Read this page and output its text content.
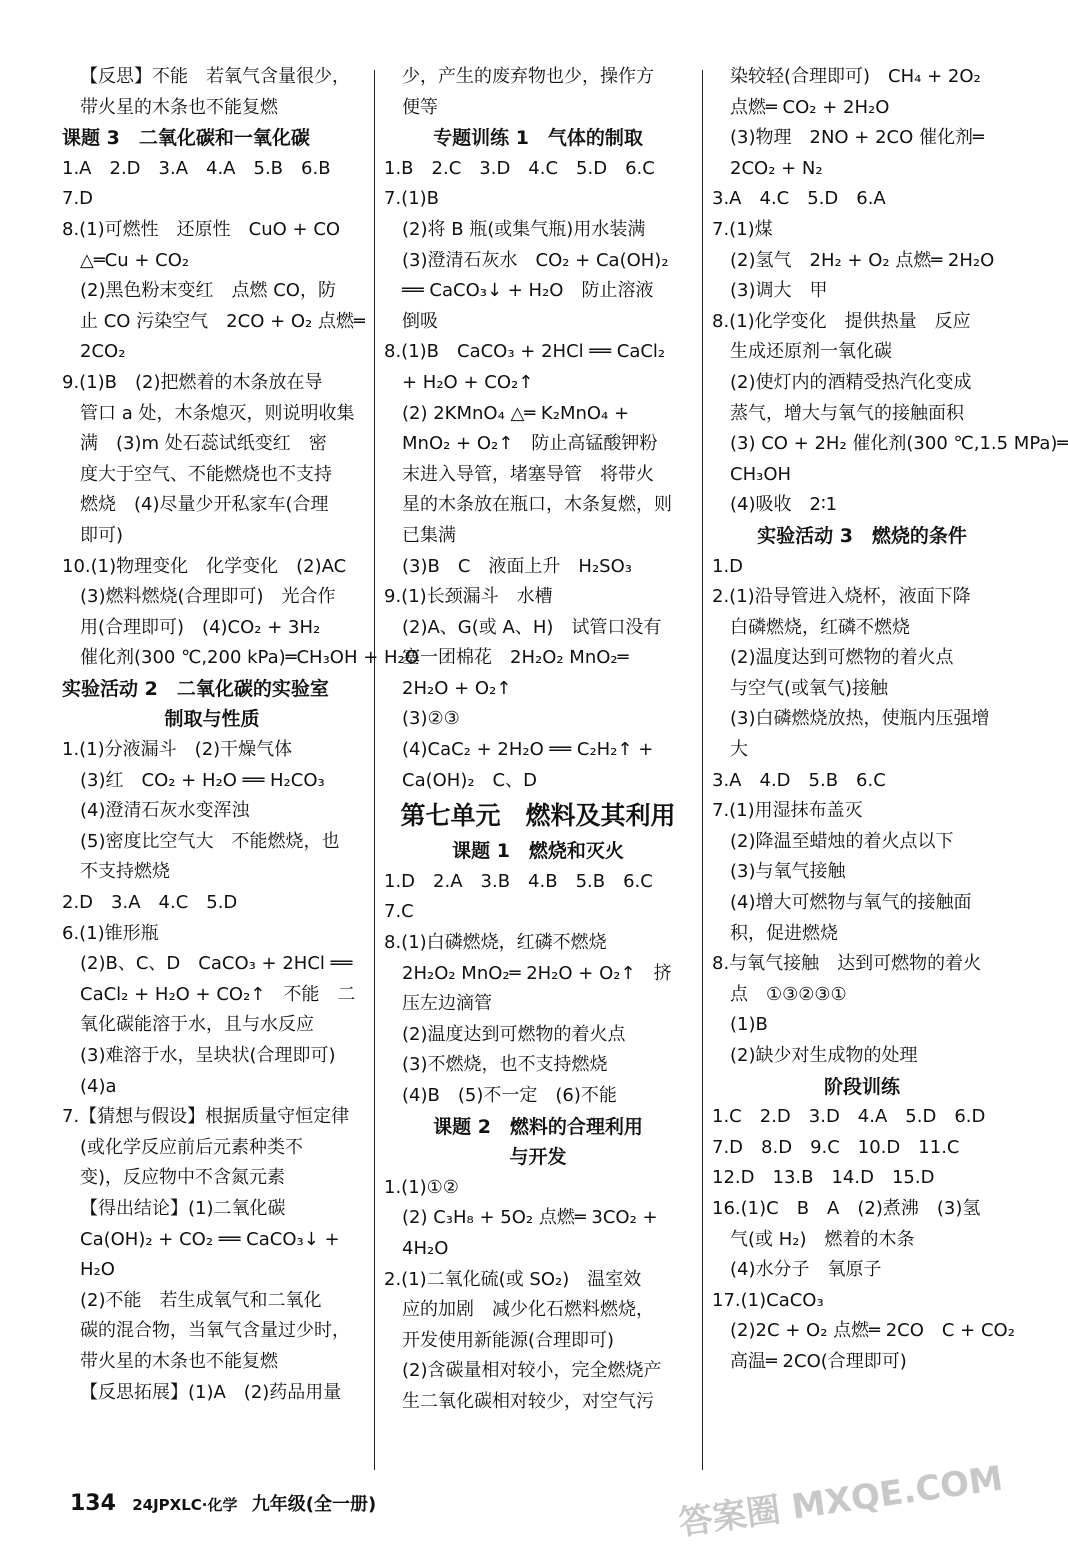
【反思】不能　若氧气含量很少，
带火星的木条也不能复燃
课题 3　二氧化碳和一氧化碳
1.A　2.D　3.A　4.A　5.B　6.B
7.D
8.(1)可燃性　还原性　CuO + CO
△═Cu + CO₂
(2)黑色粉末变红　点燃 CO，防
止 CO 污染空气　2CO + O₂ 点燃═
2CO₂
9.(1)B　(2)把燃着的木条放在导
管口 a 处，木条熄灭，则说明收集
满　(3)m 处石蕊试纸变红　密
度大于空气、不能燃烧也不支持
燃烧　(4)尽量少开私家车(合理
即可)
10.(1)物理变化　化学变化　(2)AC
(3)燃料燃烧(合理即可)　光合作
用(合理即可)　(4)CO₂ + 3H₂
催化剂(300 ℃,200 kPa)═CH₃OH + H₂O
实验活动 2　二氧化碳的实验室
制取与性质
1.(1)分液漏斗　(2)干燥气体
(3)红　CO₂ + H₂O ══ H₂CO₃
(4)澄清石灰水变浑浊
(5)密度比空气大　不能燃烧，也
不支持燃烧
2.D　3.A　4.C　5.D
6.(1)锥形瓶
(2)B、C、D　CaCO₃ + 2HCl ══
CaCl₂ + H₂O + CO₂↑　不能　二
氧化碳能溶于水，且与水反应
(3)难溶于水，呈块状(合理即可)
(4)a
7.【猜想与假设】根据质量守恒定律
(或化学反应前后元素种类不
变)，反应物中不含氮元素
【得出结论】(1)二氧化碳
Ca(OH)₂ + CO₂ ══ CaCO₃↓ +
H₂O
(2)不能　若生成氧气和二氧化
碳的混合物，当氧气含量过少时，
带火星的木条也不能复燃
【反思拓展】(1)A　(2)药品用量
少，产生的废弃物也少，操作方
便等
专题训练 1　气体的制取
1.B　2.C　3.D　4.C　5.D　6.C
7.(1)B
(2)将 B 瓶(或集气瓶)用水装满
(3)澄清石灰水　CO₂ + Ca(OH)₂
══ CaCO₃↓ + H₂O　防止溶液
倒吸
8.(1)B　CaCO₃ + 2HCl ══ CaCl₂
+ H₂O + CO₂↑
(2) 2KMnO₄ △═ K₂MnO₄ +
MnO₂ + O₂↑　防止高锰酸钾粉
末进入导管，堵塞导管　将带火
星的木条放在瓶口，木条复燃，则
已集满
(3)B　C　液面上升　H₂SO₃
9.(1)长颈漏斗　水槽
(2)A、G(或 A、H)　试管口没有
塞一团棉花　2H₂O₂ MnO₂═
2H₂O + O₂↑
(3)②③
(4)CaC₂ + 2H₂O ══ C₂H₂↑ +
Ca(OH)₂　C、D
第七单元　燃料及其利用
课题 1　燃烧和灭火
1.D　2.A　3.B　4.B　5.B　6.C
7.C
8.(1)白磷燃烧，红磷不燃烧
2H₂O₂ MnO₂═ 2H₂O + O₂↑　挤
压左边滴管
(2)温度达到可燃物的着火点
(3)不燃烧，也不支持燃烧
(4)B　(5)不一定　(6)不能
课题 2　燃料的合理利用
与开发
1.(1)①②
(2) C₃H₈ + 5O₂ 点燃═ 3CO₂ +
4H₂O
2.(1)二氧化硫(或 SO₂)　温室效
应的加剧　减少化石燃料燃烧，
开发使用新能源(合理即可)
(2)含碳量相对较小，完全燃烧产
生二氧化碳相对较少，对空气污
染较轻(合理即可)　CH₄ + 2O₂
点燃═ CO₂ + 2H₂O
(3)物理　2NO + 2CO 催化剂═
2CO₂ + N₂
3.A　4.C　5.D　6.A
7.(1)煤
(2)氢气　2H₂ + O₂ 点燃═ 2H₂O
(3)调大　甲
8.(1)化学变化　提供热量　反应
生成还原剂一氧化碳
(2)使灯内的酒精受热汽化变成
蒸气，增大与氧气的接触面积
(3) CO + 2H₂ 催化剂(300 ℃,1.5 MPa)═
CH₃OH
(4)吸收　2∶1
实验活动 3　燃烧的条件
1.D
2.(1)沿导管进入烧杯，液面下降
白磷燃烧，红磷不燃烧
(2)温度达到可燃物的着火点
与空气(或氧气)接触
(3)白磷燃烧放热，使瓶内压强增
大
3.A　4.D　5.B　6.C
7.(1)用湿抹布盖灭
(2)降温至蜡烛的着火点以下
(3)与氧气接触
(4)增大可燃物与氧气的接触面
积，促进燃烧
8.与氧气接触　达到可燃物的着火
点　①③②③①
(1)B
(2)缺少对生成物的处理
阶段训练
1.C　2.D　3.D　4.A　5.D　6.D
7.D　8.D　9.C　10.D　11.C
12.D　13.B　14.D　15.D
16.(1)C　B　A　(2)煮沸　(3)氢
气(或 H₂)　燃着的木条
(4)水分子　氧原子
17.(1)CaCO₃
(2)2C + O₂ 点燃═ 2CO　C + CO₂
高温═ 2CO(合理即可)
134 24JPXLC·化学 九年级(全一册)	答案圈 MXQE.COM
